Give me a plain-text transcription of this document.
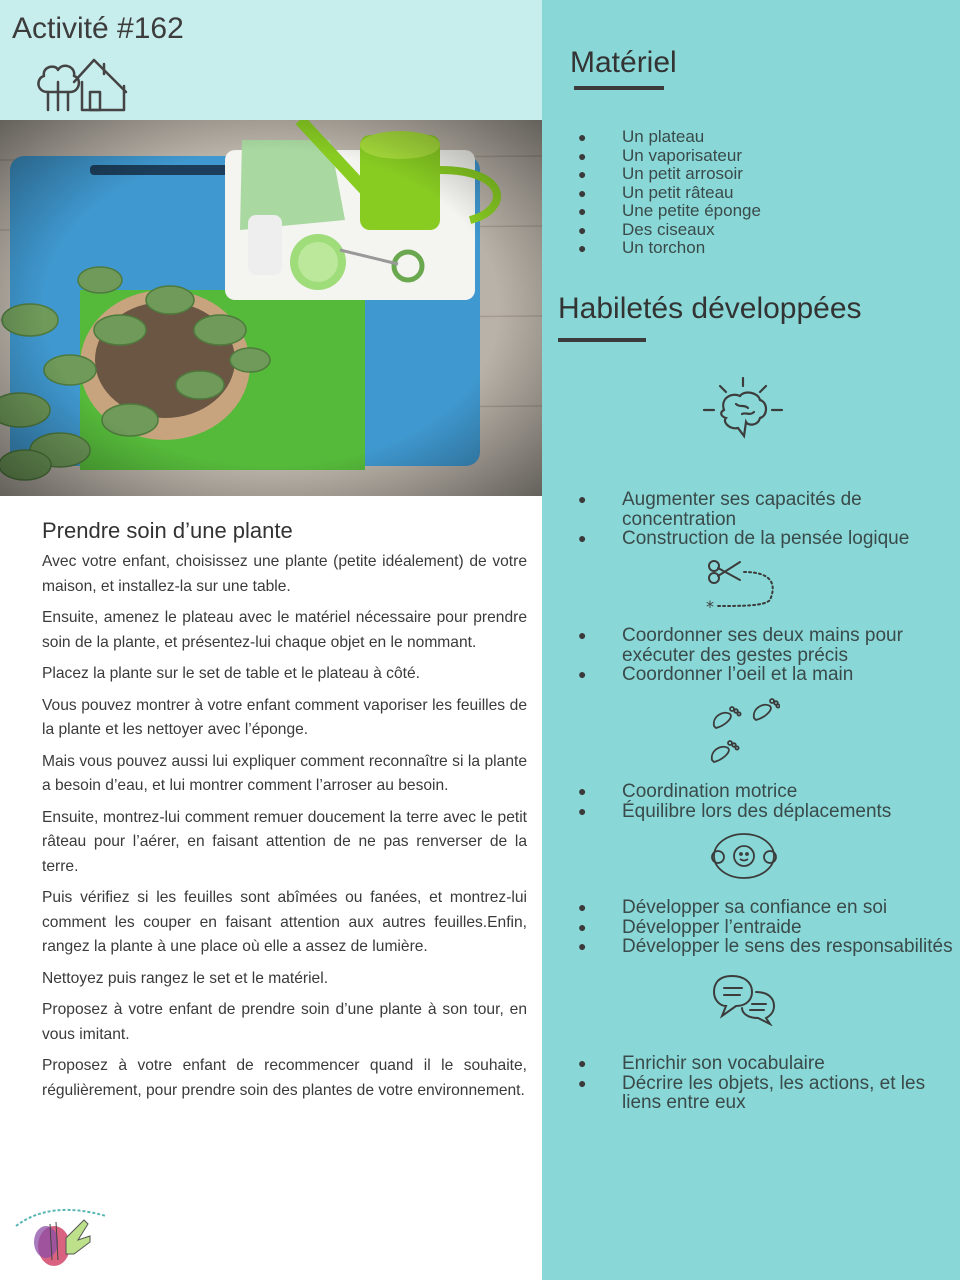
Activité #162
Prendre soin d’une plante

Avec votre enfant, choisissez une plante (petite idéalement) de votre maison, et installez-la sur une table.

Ensuite, amenez le plateau avec le matériel nécessaire pour prendre soin de la plante, et présentez-lui chaque objet en le nommant.

Placez la plante sur le set de table et le plateau à côté.

Vous pouvez montrer à votre enfant comment vaporiser les feuilles de la plante et les nettoyer avec l’éponge.

Mais vous pouvez aussi lui expliquer comment reconnaître si la plante a besoin d’eau, et lui montrer comment l’arroser au besoin.

Ensuite, montrez-lui comment remuer doucement la terre avec le petit râteau pour l’aérer, en faisant attention de ne pas renverser de la terre.

Puis vérifiez si les feuilles sont abîmées ou fanées, et montrez-lui comment les couper en faisant attention aux autres feuilles.Enfin, rangez la plante à une place où elle a assez de lumière.

Nettoyez puis rangez le set et le matériel.

Proposez à votre enfant de prendre soin d’une plante à son tour, en vous imitant.

Proposez à votre enfant de recommencer quand il le souhaite, régulièrement, pour prendre soin des plantes de votre environnement.

Matériel
● Un plateau
● Un vaporisateur
● Un petit arrosoir
● Un petit râteau
● Une petite éponge
● Des ciseaux
● Un torchon
Habiletés développées
● Augmenter ses capacités de concentration
● Construction de la pensée logique
*
● Coordonner ses deux mains pour exécuter des gestes précis
● Coordonner l’oeil et la main
● Coordination motrice
● Équilibre lors des déplacements
● Développer sa confiance en soi
● Développer l’entraide
● Développer le sens des responsabilités
● Enrichir son vocabulaire
● Décrire les objets, les actions, et les liens entre eux
